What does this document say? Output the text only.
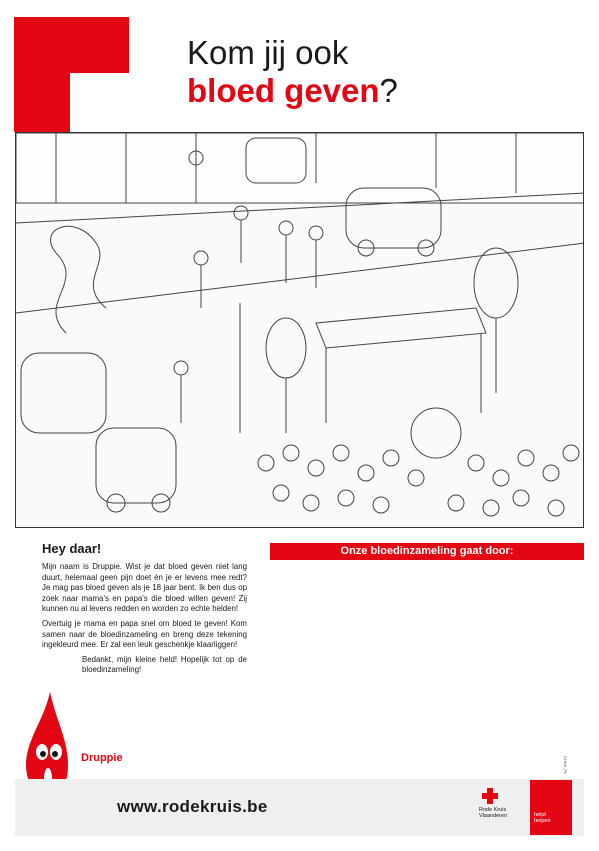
Kom jij ook
bloed geven?
Hey daar!

Mijn naam is Druppie. Wist je dat bloed geven niet lang duurt, helemaal geen pijn doet én je er levens mee redt? Je mag pas bloed geven als je 18 jaar bent. Ik ben dus op zoek naar mama's en papa's die bloed willen geven! Zij kunnen nu al levens redden en worden zo echte helden!

Overtuig je mama en papa snel om bloed te geven! Kom samen naar de bloedinzameling en breng deze tekening ingekleurd mee. Er zal een leuk geschenkje klaarliggen!

Bedankt, mijn kleine held! Hopelijk tot op de bloedinzameling!

Druppie
Onze bloedinzameling gaat door:
www.rodekruis.be	Rode Kruis
Vlaanderen	helpt
helpen
21600_PL
